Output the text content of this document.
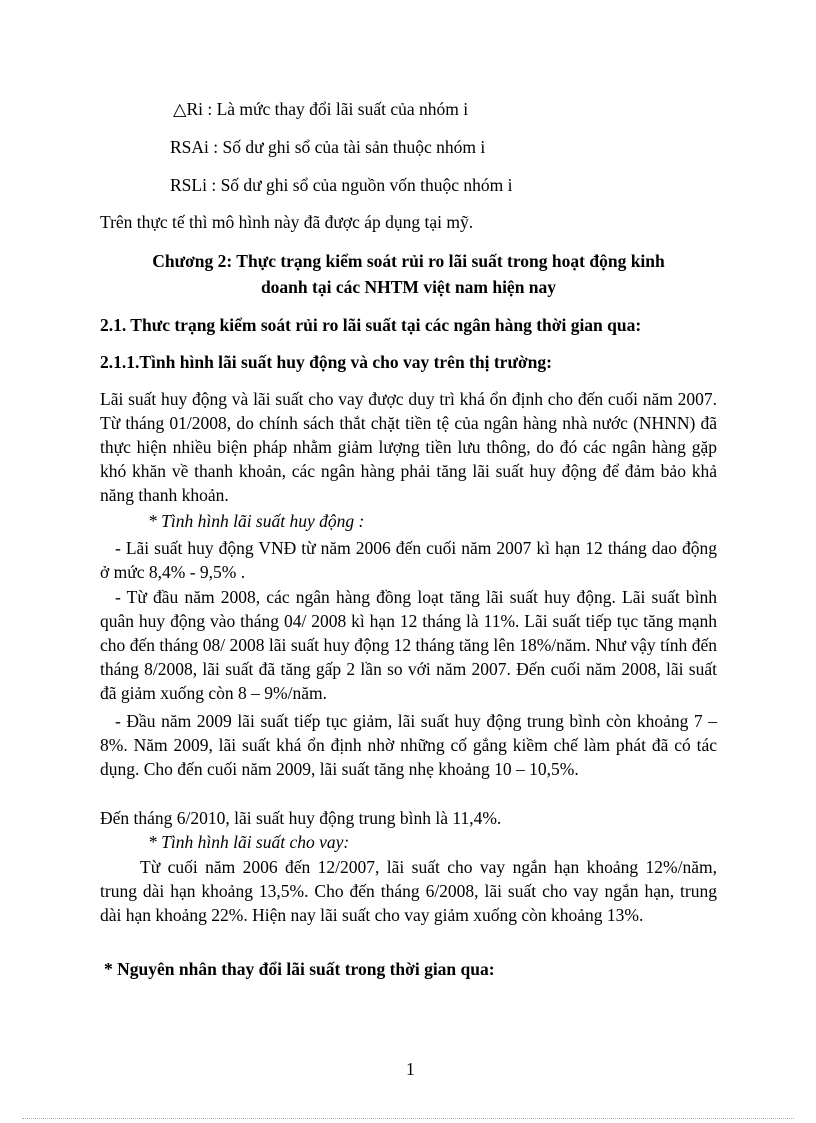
△Ri : Là mức thay đổi lãi suất của nhóm i
RSAi : Số dư ghi sổ của tài sản thuộc nhóm i
RSLi : Số dư ghi sổ của nguồn vốn thuộc nhóm i
Trên thực tế thì mô hình này đã được áp dụng tại mỹ.
Chương 2: Thực trạng kiểm soát rủi ro lãi suất trong hoạt động kinh
doanh tại các NHTM việt nam hiện nay
2.1. Thưc trạng kiểm soát rủi ro lãi suất tại các ngân hàng thời gian qua:
2.1.1.Tình hình lãi suất huy động và cho vay trên thị trường:
Lãi suất huy động và lãi suất cho vay được duy trì khá ổn định cho đến cuối năm 2007. Từ tháng 01/2008, do chính sách thắt chặt tiền tệ của ngân hàng nhà nước (NHNN) đã thực hiện nhiều biện pháp nhằm giảm lượng tiền lưu thông, do đó các ngân hàng gặp khó khăn về thanh khoản, các ngân hàng phải tăng lãi suất huy động để đảm bảo khả năng thanh khoản.
* Tình hình lãi suất huy động :
- Lãi suất huy động VNĐ từ năm 2006 đến cuối năm 2007 kì hạn 12 tháng dao động ở mức 8,4% - 9,5% .
- Từ đầu năm 2008, các ngân hàng đồng loạt tăng lãi suất huy động. Lãi suất bình quân huy động vào tháng 04/ 2008 kì hạn 12 tháng là 11%. Lãi suất tiếp tục tăng mạnh cho đến tháng 08/ 2008 lãi suất huy động 12 tháng tăng lên 18%/năm. Như vậy tính đến tháng 8/2008, lãi suất đã tăng gấp 2 lần so với năm 2007. Đến cuối năm 2008, lãi suất đã giảm xuống còn 8 – 9%/năm.
- Đầu năm 2009 lãi suất tiếp tục giảm, lãi suất huy động trung bình còn khoảng 7 – 8%. Năm 2009, lãi suất khá ổn định nhờ những cố gắng kiềm chế làm phát đã có tác dụng. Cho đến cuối năm 2009, lãi suất tăng nhẹ khoảng 10 – 10,5%.
Đến tháng 6/2010, lãi suất huy động trung bình là 11,4%.
* Tình hình lãi suất cho vay:
Từ cuối năm 2006 đến 12/2007, lãi suất cho vay ngắn hạn khoảng 12%/năm, trung dài hạn khoảng 13,5%. Cho đến tháng 6/2008, lãi suất cho vay ngắn hạn, trung dài hạn khoảng 22%. Hiện nay lãi suất cho vay giảm xuống còn khoảng 13%.
* Nguyên nhân thay đổi lãi suất trong thời gian qua:
1
